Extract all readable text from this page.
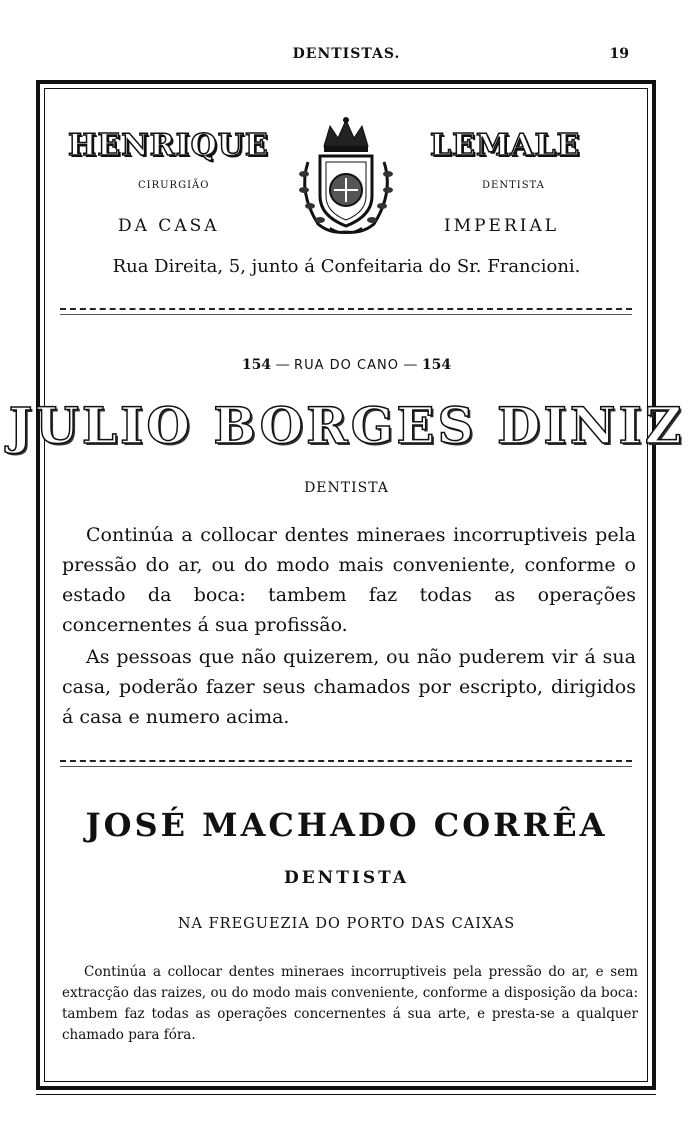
DENTISTAS.	19
HENRIQUE	LEMALE
CIRURGIÃO	DENTISTA
DA CASA	IMPERIAL
Rua Direita, 5, junto á Confeitaria do Sr. Francioni.
154 — RUA DO CANO — 154
JULIO BORGES DINIZ
DENTISTA

Continúa a collocar dentes mineraes incorruptiveis pela pressão do ar, ou do modo mais conveniente, conforme o estado da boca: tambem faz todas as operações concernentes á sua profissão.

As pessoas que não quizerem, ou não puderem vir á sua casa, poderão fazer seus chamados por escripto, dirigidos á casa e numero acima.

JOSÉ MACHADO CORRÊA
DENTISTA
NA FREGUEZIA DO PORTO DAS CAIXAS

Continúa a collocar dentes mineraes incorruptiveis pela pressão do ar, e sem extracção das raizes, ou do modo mais conveniente, conforme a disposição da boca: tambem faz todas as operações concernentes á sua arte, e presta-se a qualquer chamado para fóra.
